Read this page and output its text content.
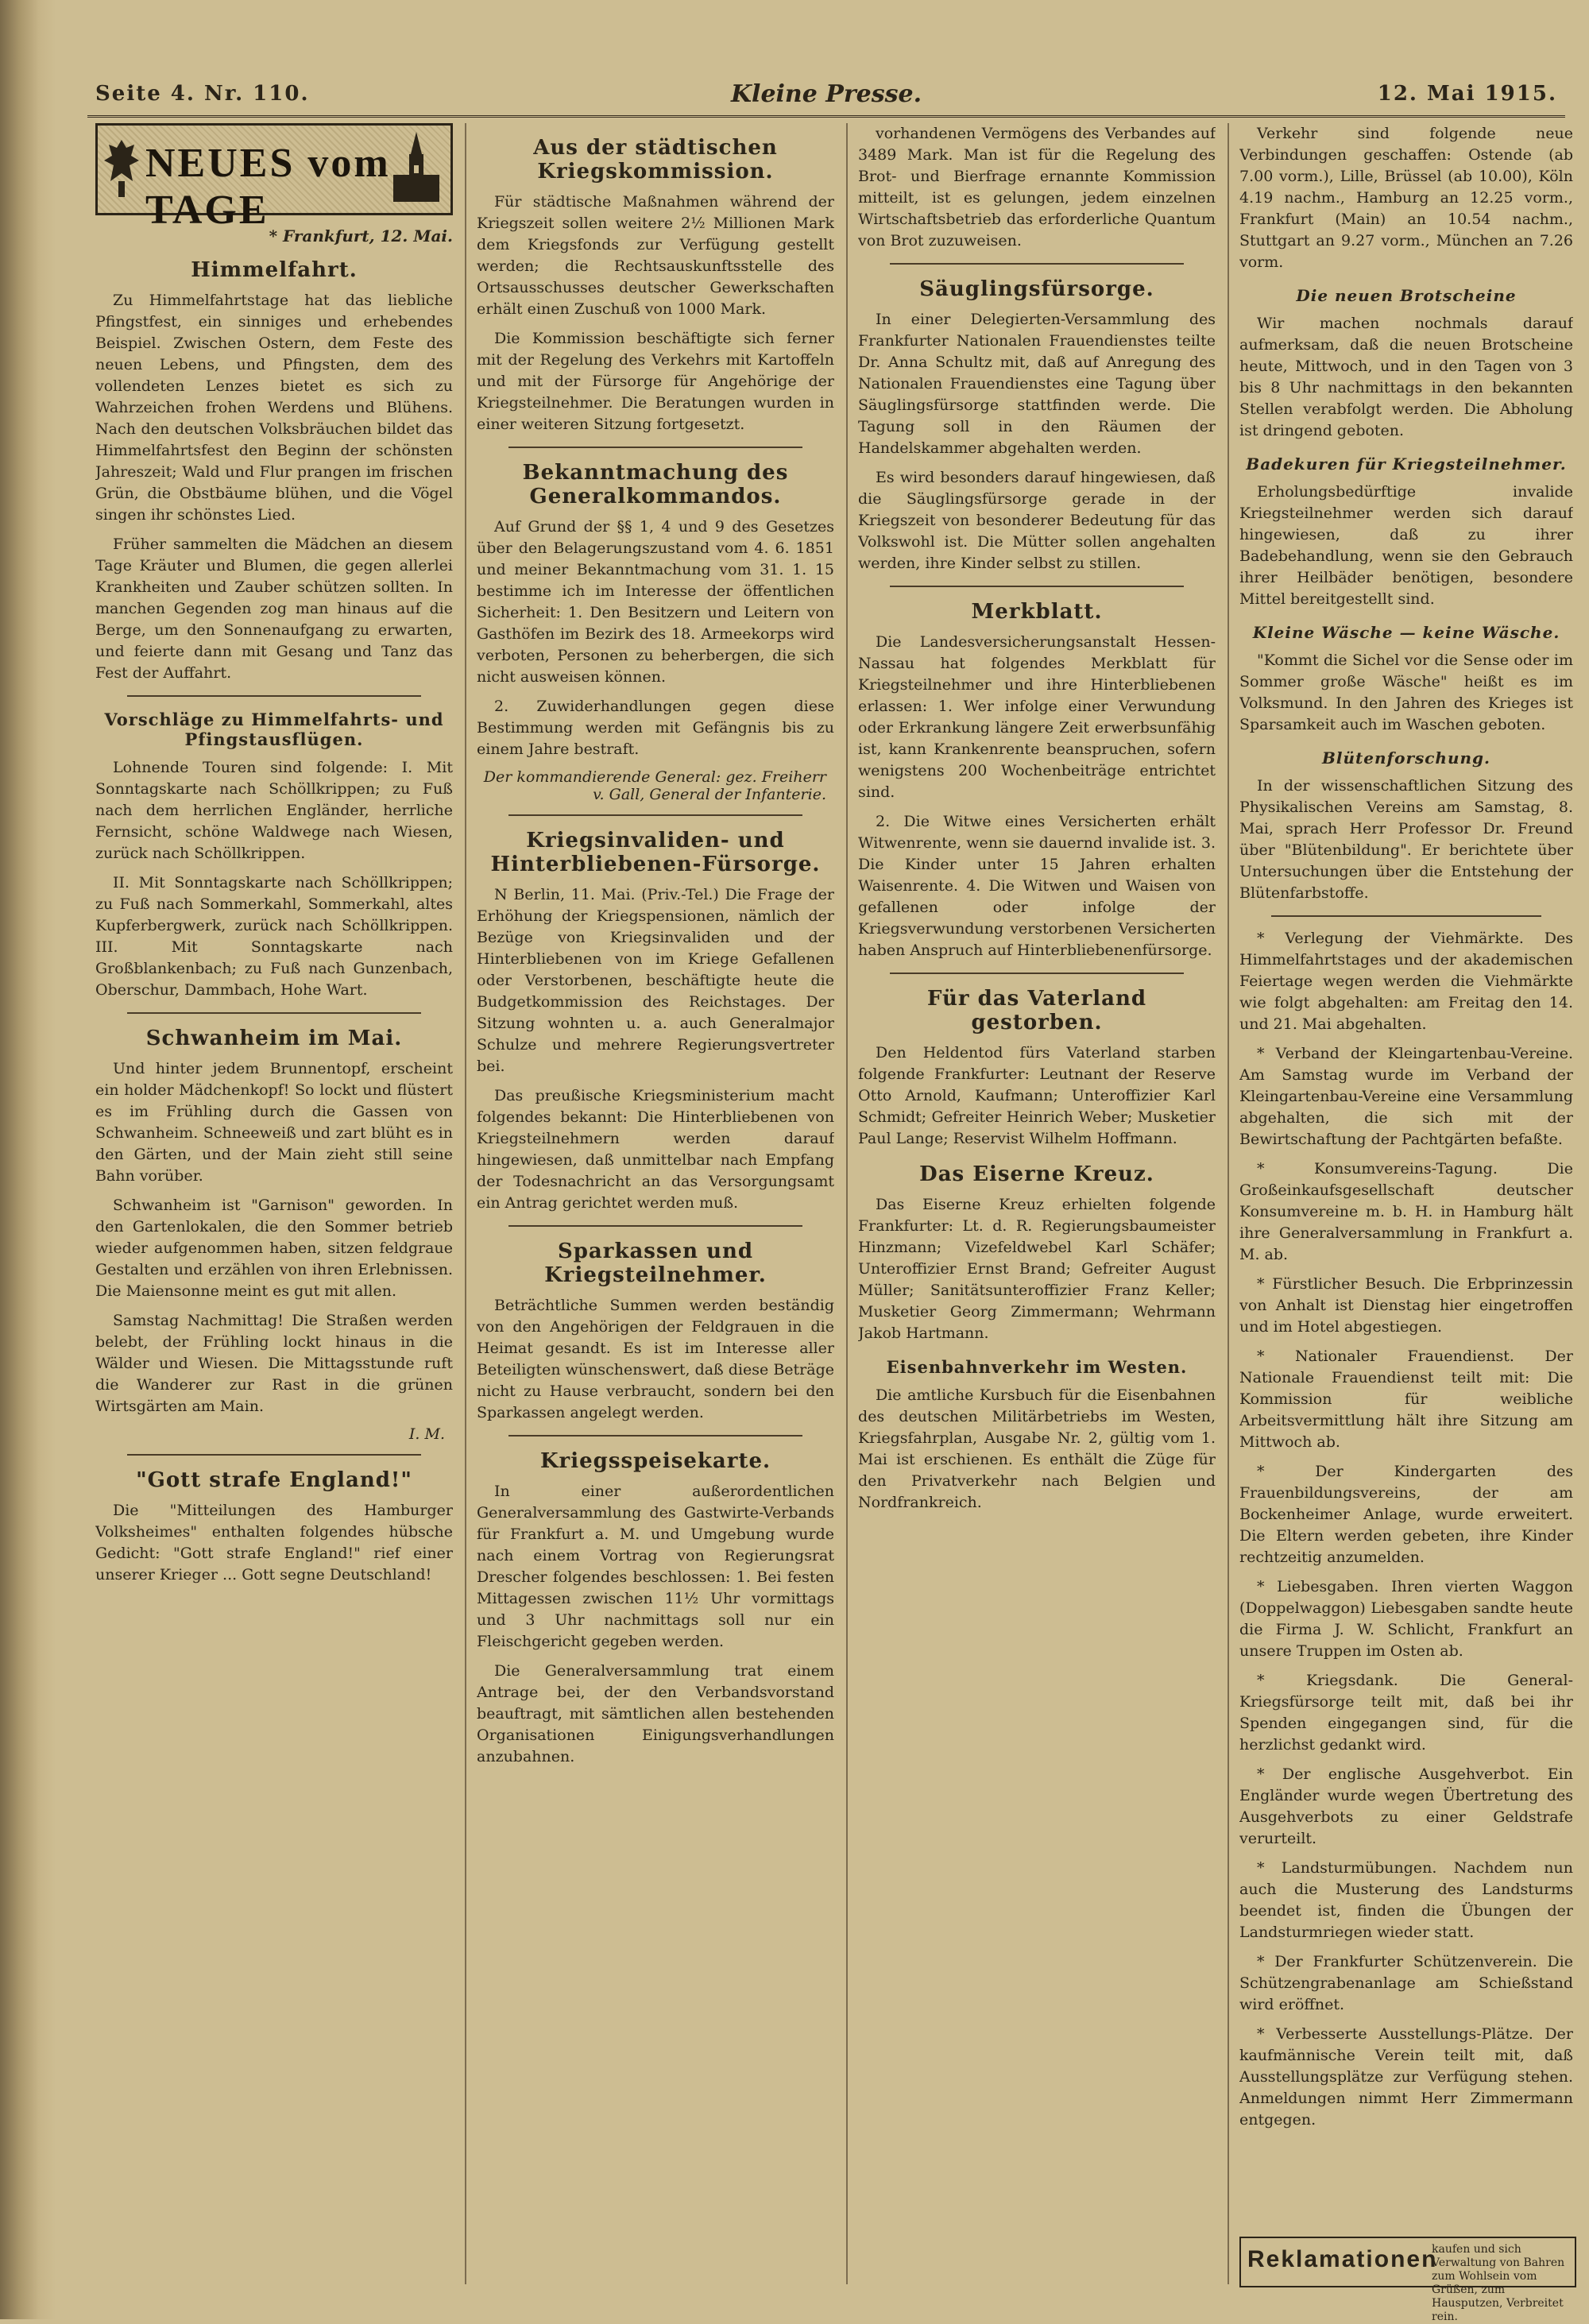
Seite 4. Nr. 110.	Kleine Presse.	12. Mai 1915.
NEUES vom TAGE
* Frankfurt, 12. Mai.
Himmelfahrt.

Zu Himmelfahrtstage hat das liebliche Pfingstfest, ein sinniges und erhebendes Beispiel. Zwischen Ostern, dem Feste des neuen Lebens, und Pfingsten, dem des vollendeten Lenzes bietet es sich zu Wahrzeichen frohen Werdens und Blühens. Nach den deutschen Volksbräuchen bildet das Himmelfahrtsfest den Beginn der schönsten Jahreszeit; Wald und Flur prangen im frischen Grün, die Obstbäume blühen, und die Vögel singen ihr schönstes Lied.

Früher sammelten die Mädchen an diesem Tage Kräuter und Blumen, die gegen allerlei Krankheiten und Zauber schützen sollten. In manchen Gegenden zog man hinaus auf die Berge, um den Sonnenaufgang zu erwarten, und feierte dann mit Gesang und Tanz das Fest der Auffahrt.

Vorschläge zu Himmelfahrts- und Pfingstausflügen.

Lohnende Touren sind folgende: I. Mit Sonntagskarte nach Schöllkrippen; zu Fuß nach dem herrlichen Engländer, herrliche Fernsicht, schöne Waldwege nach Wiesen, zurück nach Schöllkrippen.

II. Mit Sonntagskarte nach Schöllkrippen; zu Fuß nach Sommerkahl, Sommerkahl, altes Kupferbergwerk, zurück nach Schöllkrippen. III. Mit Sonntagskarte nach Großblankenbach; zu Fuß nach Gunzenbach, Oberschur, Dammbach, Hohe Wart.

Schwanheim im Mai.

Und hinter jedem Brunnentopf, erscheint ein holder Mädchenkopf! So lockt und flüstert es im Frühling durch die Gassen von Schwanheim. Schneeweiß und zart blüht es in den Gärten, und der Main zieht still seine Bahn vorüber.

Schwanheim ist "Garnison" geworden. In den Gartenlokalen, die den Sommer betrieb wieder aufgenommen haben, sitzen feldgraue Gestalten und erzählen von ihren Erlebnissen. Die Maiensonne meint es gut mit allen.

Samstag Nachmittag! Die Straßen werden belebt, der Frühling lockt hinaus in die Wälder und Wiesen. Die Mittagsstunde ruft die Wanderer zur Rast in die grünen Wirtsgärten am Main.

I. M.
"Gott strafe England!"

Die "Mitteilungen des Hamburger Volksheimes" enthalten folgendes hübsche Gedicht: "Gott strafe England!" rief einer unserer Krieger ... Gott segne Deutschland!

Aus der städtischen Kriegskommission.

Für städtische Maßnahmen während der Kriegszeit sollen weitere 2½ Millionen Mark dem Kriegsfonds zur Verfügung gestellt werden; die Rechtsauskunftsstelle des Ortsausschusses deutscher Gewerkschaften erhält einen Zuschuß von 1000 Mark.

Die Kommission beschäftigte sich ferner mit der Regelung des Verkehrs mit Kartoffeln und mit der Fürsorge für Angehörige der Kriegsteilnehmer. Die Beratungen wurden in einer weiteren Sitzung fortgesetzt.

Bekanntmachung des Generalkommandos.

Auf Grund der §§ 1, 4 und 9 des Gesetzes über den Belagerungszustand vom 4. 6. 1851 und meiner Bekanntmachung vom 31. 1. 15 bestimme ich im Interesse der öffentlichen Sicherheit: 1. Den Besitzern und Leitern von Gasthöfen im Bezirk des 18. Armeekorps wird verboten, Personen zu beherbergen, die sich nicht ausweisen können.

2. Zuwiderhandlungen gegen diese Bestimmung werden mit Gefängnis bis zu einem Jahre bestraft.

Der kommandierende General: gez. Freiherr v. Gall, General der Infanterie.
Kriegsinvaliden- und Hinterbliebenen-Fürsorge.

N Berlin, 11. Mai. (Priv.-Tel.) Die Frage der Erhöhung der Kriegspensionen, nämlich der Bezüge von Kriegsinvaliden und der Hinterbliebenen von im Kriege Gefallenen oder Verstorbenen, beschäftigte heute die Budgetkommission des Reichstages. Der Sitzung wohnten u. a. auch Generalmajor Schulze und mehrere Regierungsvertreter bei.

Das preußische Kriegsministerium macht folgendes bekannt: Die Hinterbliebenen von Kriegsteilnehmern werden darauf hingewiesen, daß unmittelbar nach Empfang der Todesnachricht an das Versorgungsamt ein Antrag gerichtet werden muß.

Sparkassen und Kriegsteilnehmer.

Beträchtliche Summen werden beständig von den Angehörigen der Feldgrauen in die Heimat gesandt. Es ist im Interesse aller Beteiligten wünschenswert, daß diese Beträge nicht zu Hause verbraucht, sondern bei den Sparkassen angelegt werden.

Kriegsspeisekarte.

In einer außerordentlichen Generalversammlung des Gastwirte-Verbands für Frankfurt a. M. und Umgebung wurde nach einem Vortrag von Regierungsrat Drescher folgendes beschlossen: 1. Bei festen Mittagessen zwischen 11½ Uhr vormittags und 3 Uhr nachmittags soll nur ein Fleischgericht gegeben werden.

Die Generalversammlung trat einem Antrage bei, der den Verbandsvorstand beauftragt, mit sämtlichen allen bestehenden Organisationen Einigungsverhandlungen anzubahnen.

vorhandenen Vermögens des Verbandes auf 3489 Mark. Man ist für die Regelung des Brot- und Bierfrage ernannte Kommission mitteilt, ist es gelungen, jedem einzelnen Wirtschaftsbetrieb das erforderliche Quantum von Brot zuzuweisen.

Säuglingsfürsorge.

In einer Delegierten-Versammlung des Frankfurter Nationalen Frauendienstes teilte Dr. Anna Schultz mit, daß auf Anregung des Nationalen Frauendienstes eine Tagung über Säuglingsfürsorge stattfinden werde. Die Tagung soll in den Räumen der Handelskammer abgehalten werden.

Es wird besonders darauf hingewiesen, daß die Säuglingsfürsorge gerade in der Kriegszeit von besonderer Bedeutung für das Volkswohl ist. Die Mütter sollen angehalten werden, ihre Kinder selbst zu stillen.

Merkblatt.

Die Landesversicherungsanstalt Hessen-Nassau hat folgendes Merkblatt für Kriegsteilnehmer und ihre Hinterbliebenen erlassen: 1. Wer infolge einer Verwundung oder Erkrankung längere Zeit erwerbsunfähig ist, kann Krankenrente beanspruchen, sofern wenigstens 200 Wochenbeiträge entrichtet sind.

2. Die Witwe eines Versicherten erhält Witwenrente, wenn sie dauernd invalide ist. 3. Die Kinder unter 15 Jahren erhalten Waisenrente. 4. Die Witwen und Waisen von gefallenen oder infolge der Kriegsverwundung verstorbenen Versicherten haben Anspruch auf Hinterbliebenenfürsorge.

Für das Vaterland gestorben.

Den Heldentod fürs Vaterland starben folgende Frankfurter: Leutnant der Reserve Otto Arnold, Kaufmann; Unteroffizier Karl Schmidt; Gefreiter Heinrich Weber; Musketier Paul Lange; Reservist Wilhelm Hoffmann.

Das Eiserne Kreuz.

Das Eiserne Kreuz erhielten folgende Frankfurter: Lt. d. R. Regierungsbaumeister Hinzmann; Vizefeldwebel Karl Schäfer; Unteroffizier Ernst Brand; Gefreiter August Müller; Sanitätsunteroffizier Franz Keller; Musketier Georg Zimmermann; Wehrmann Jakob Hartmann.

Eisenbahnverkehr im Westen.

Die amtliche Kursbuch für die Eisenbahnen des deutschen Militärbetriebs im Westen, Kriegsfahrplan, Ausgabe Nr. 2, gültig vom 1. Mai ist erschienen. Es enthält die Züge für den Privatverkehr nach Belgien und Nordfrankreich.

Verkehr sind folgende neue Verbindungen geschaffen: Ostende (ab 7.00 vorm.), Lille, Brüssel (ab 10.00), Köln 4.19 nachm., Hamburg an 12.25 vorm., Frankfurt (Main) an 10.54 nachm., Stuttgart an 9.27 vorm., München an 7.26 vorm.

Die neuen Brotscheine

Wir machen nochmals darauf aufmerksam, daß die neuen Brotscheine heute, Mittwoch, und in den Tagen von 3 bis 8 Uhr nachmittags in den bekannten Stellen verabfolgt werden. Die Abholung ist dringend geboten.

Badekuren für Kriegsteilnehmer.

Erholungsbedürftige invalide Kriegsteilnehmer werden sich darauf hingewiesen, daß zu ihrer Badebehandlung, wenn sie den Gebrauch ihrer Heilbäder benötigen, besondere Mittel bereitgestellt sind.

Kleine Wäsche — keine Wäsche.

"Kommt die Sichel vor die Sense oder im Sommer große Wäsche" heißt es im Volksmund. In den Jahren des Krieges ist Sparsamkeit auch im Waschen geboten.

Blütenforschung.

In der wissenschaftlichen Sitzung des Physikalischen Vereins am Samstag, 8. Mai, sprach Herr Professor Dr. Freund über "Blütenbildung". Er berichtete über Untersuchungen über die Entstehung der Blütenfarbstoffe.

* Verlegung der Viehmärkte. Des Himmelfahrtstages und der akademischen Feiertage wegen werden die Viehmärkte wie folgt abgehalten: am Freitag den 14. und 21. Mai abgehalten.

* Verband der Kleingartenbau-Vereine. Am Samstag wurde im Verband der Kleingartenbau-Vereine eine Versammlung abgehalten, die sich mit der Bewirtschaftung der Pachtgärten befaßte.

* Konsumvereins-Tagung. Die Großeinkaufsgesellschaft deutscher Konsumvereine m. b. H. in Hamburg hält ihre Generalversammlung in Frankfurt a. M. ab.

* Fürstlicher Besuch. Die Erbprinzessin von Anhalt ist Dienstag hier eingetroffen und im Hotel abgestiegen.

* Nationaler Frauendienst. Der Nationale Frauendienst teilt mit: Die Kommission für weibliche Arbeitsvermittlung hält ihre Sitzung am Mittwoch ab.

* Der Kindergarten des Frauenbildungsvereins, der am Bockenheimer Anlage, wurde erweitert. Die Eltern werden gebeten, ihre Kinder rechtzeitig anzumelden.

* Liebesgaben. Ihren vierten Waggon (Doppelwaggon) Liebesgaben sandte heute die Firma J. W. Schlicht, Frankfurt an unsere Truppen im Osten ab.

* Kriegsdank. Die General-Kriegsfürsorge teilt mit, daß bei ihr Spenden eingegangen sind, für die herzlichst gedankt wird.

* Der englische Ausgehverbot. Ein Engländer wurde wegen Übertretung des Ausgehverbots zu einer Geldstrafe verurteilt.

* Landsturmübungen. Nachdem nun auch die Musterung des Landsturms beendet ist, finden die Übungen der Landsturmriegen wieder statt.

* Der Frankfurter Schützenverein. Die Schützengrabenanlage am Schießstand wird eröffnet.

* Verbesserte Ausstellungs-Plätze. Der kaufmännische Verein teilt mit, daß Ausstellungsplätze zur Verfügung stehen. Anmeldungen nimmt Herr Zimmermann entgegen.

Reklamationen
kaufen und sich Verwaltung von Bahren zum Wohlsein vom Grüßen, zum Hausputzen, Verbreitet rein.
